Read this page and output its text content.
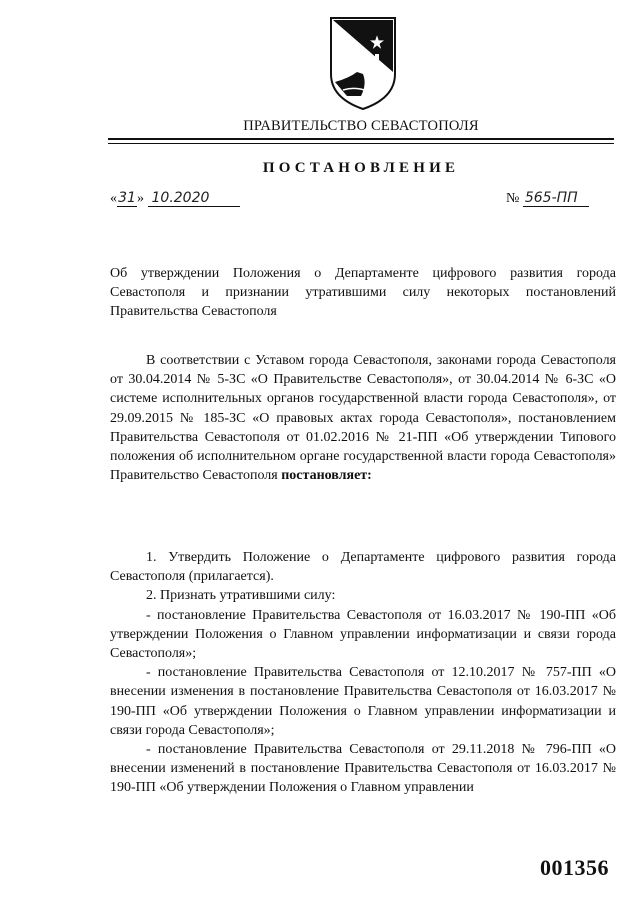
ПРАВИТЕЛЬСТВО СЕВАСТОПОЛЯ
ПОСТАНОВЛЕНИЕ
«31» 10.2020	№ 565-ПП
Об утверждении Положения о Департаменте цифрового развития города Севастополя и признании утратившими силу некоторых постановлений Правительства Севастополя

В соответствии с Уставом города Севастополя, законами города Севастополя от 30.04.2014 № 5-ЗС «О Правительстве Севастополя», от 30.04.2014 № 6-ЗС «О системе исполнительных органов государственной власти города Севастополя», от 29.09.2015 № 185-ЗС «О правовых актах города Севастополя», постановлением Правительства Севастополя от 01.02.2016 № 21-ПП «Об утверждении Типового положения об исполнительном органе государственной власти города Севастополя» Правительство Севастополя постановляет:

1. Утвердить Положение о Департаменте цифрового развития города Севастополя (прилагается).

2. Признать утратившими силу:

- постановление Правительства Севастополя от 16.03.2017 № 190-ПП «Об утверждении Положения о Главном управлении информатизации и связи города Севастополя»;

- постановление Правительства Севастополя от 12.10.2017 № 757-ПП «О внесении изменения в постановление Правительства Севастополя от 16.03.2017 № 190-ПП «Об утверждении Положения о Главном управлении информатизации и связи города Севастополя»;

- постановление Правительства Севастополя от 29.11.2018 № 796-ПП «О внесении изменений в постановление Правительства Севастополя от 16.03.2017 № 190-ПП «Об утверждении Положения о Главном управлении

001356
